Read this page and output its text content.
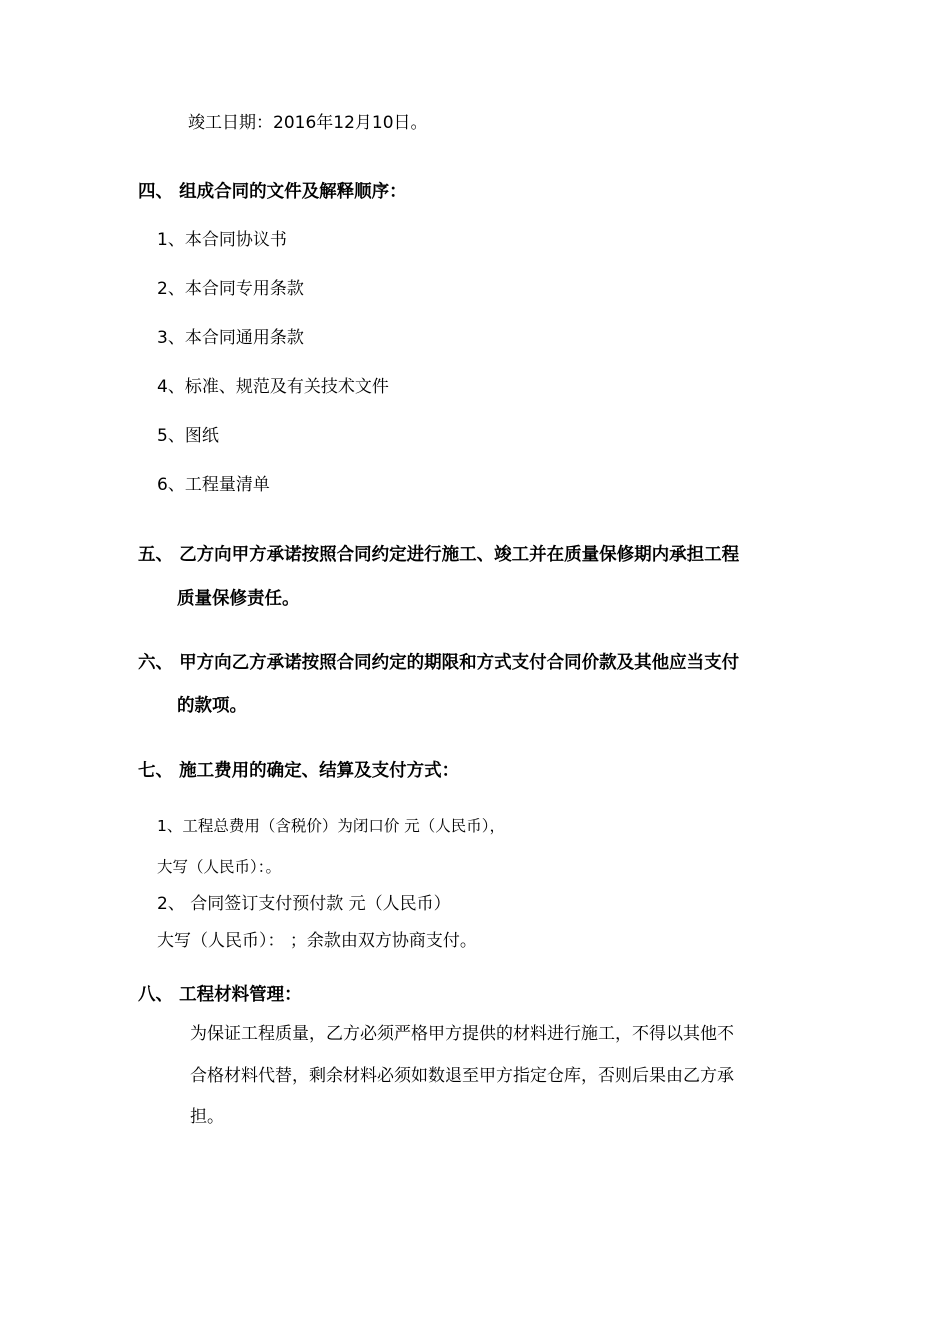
竣工日期：2016年12月10日。
四、 组成合同的文件及解释顺序：
1、本合同协议书
2、本合同专用条款
3、本合同通用条款
4、标准、规范及有关技术文件
5、图纸
6、工程量清单
五、 乙方向甲方承诺按照合同约定进行施工、竣工并在质量保修期内承担工程
质量保修责任。
六、 甲方向乙方承诺按照合同约定的期限和方式支付合同价款及其他应当支付
的款项。
七、 施工费用的确定、结算及支付方式：
1、工程总费用（含税价）为闭口价 元（人民币），
大写（人民币）：。
2、 合同签订支付预付款 元（人民币）
大写（人民币）： ；余款由双方协商支付。
八、 工程材料管理：
为保证工程质量，乙方必须严格甲方提供的材料进行施工，不得以其他不
合格材料代替，剩余材料必须如数退至甲方指定仓库，否则后果由乙方承
担。
